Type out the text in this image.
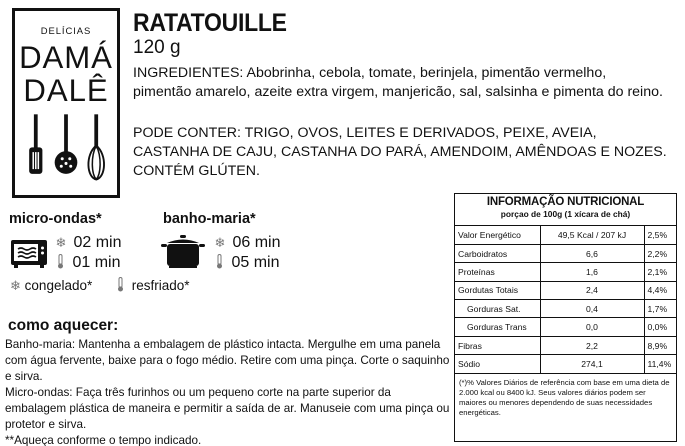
DELÍCIAS
DAMÁ
DALÊ
RATATOUILLE
120 g
INGREDIENTES: Abobrinha, cebola, tomate, berinjela, pimentão vermelho, pimentão amarelo, azeite extra virgem, manjericão, sal, salsinha e pimenta do reino.
PODE CONTER: TRIGO, OVOS, LEITES E DERIVADOS, PEIXE, AVEIA, CASTANHA DE CAJU, CASTANHA DO PARÁ, AMENDOIM, AMÊNDOAS E NOZES. CONTÉM GLÚTEN.
micro-ondas*	banho-maria*
❄ 02 min
01 min
❄ 06 min
05 min
❄ congelado*	resfriado*
como aquecer:

Banho-maria: Mantenha a embalagem de plástico intacta. Mergulhe em uma panela com água fervente, baixe para o fogo médio. Retire com uma pinça. Corte o saquinho e sirva.

Micro-ondas: Faça três furinhos ou um pequeno corte na parte superior da embalagem plástica de maneira e permitir a saída de ar. Manuseie com uma pinça ou protetor e sirva.

**Aqueça conforme o tempo indicado.

INFORMAÇÃO NUTRICIONAL
porçao de 100g (1 xícara de chá)
Valor Energético	49,5 Kcal / 207 kJ	2,5%
Carboidratos	6,6	2,2%
Proteínas	1,6	2,1%
Gordutas Totais	2,4	4,4%
Gorduras Sat.	0,4	1,7%
Gorduras Trans	0,0	0,0%
Fibras	2,2	8,9%
Sódio	274,1	11,4%
(*)% Valores Diários de referência com base em uma dieta de 2.000 kcal ou 8400 kJ. Seus valores diários podem ser maiores ou menores dependendo de suas necessidades energéticas.
